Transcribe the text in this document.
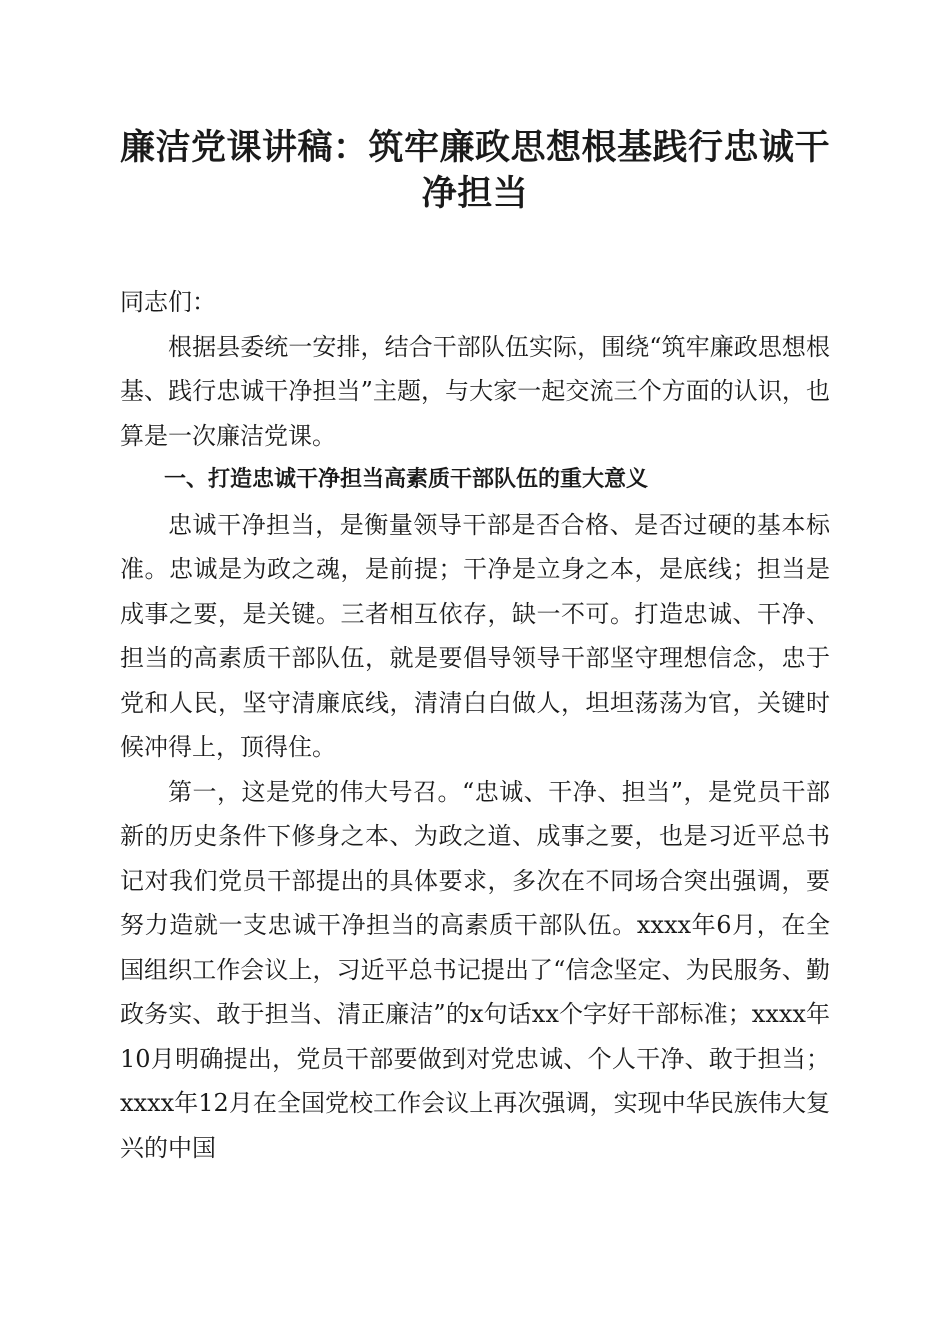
廉洁党课讲稿：筑牢廉政思想根基践行忠诚干
净担当

同志们：

根据县委统一安排，结合干部队伍实际，围绕“筑牢廉政思想根基、践行忠诚干净担当”主题，与大家一起交流三个方面的认识，也算是一次廉洁党课。

一、打造忠诚干净担当高素质干部队伍的重大意义

忠诚干净担当，是衡量领导干部是否合格、是否过硬的基本标准。忠诚是为政之魂，是前提；干净是立身之本，是底线；担当是成事之要，是关键。三者相互依存，缺一不可。打造忠诚、干净、担当的高素质干部队伍，就是要倡导领导干部坚守理想信念，忠于党和人民，坚守清廉底线，清清白白做人，坦坦荡荡为官，关键时候冲得上，顶得住。

第一，这是党的伟大号召。“忠诚、干净、担当”，是党员干部新的历史条件下修身之本、为政之道、成事之要，也是习近平总书记对我们党员干部提出的具体要求，多次在不同场合突出强调，要努力造就一支忠诚干净担当的高素质干部队伍。xxxx年6月，在全国组织工作会议上，习近平总书记提出了“信念坚定、为民服务、勤政务实、敢于担当、清正廉洁”的x句话xx个字好干部标准；xxxx年10月明确提出，党员干部要做到对党忠诚、个人干净、敢于担当；xxxx年12月在全国党校工作会议上再次强调，实现中华民族伟大复兴的中国
